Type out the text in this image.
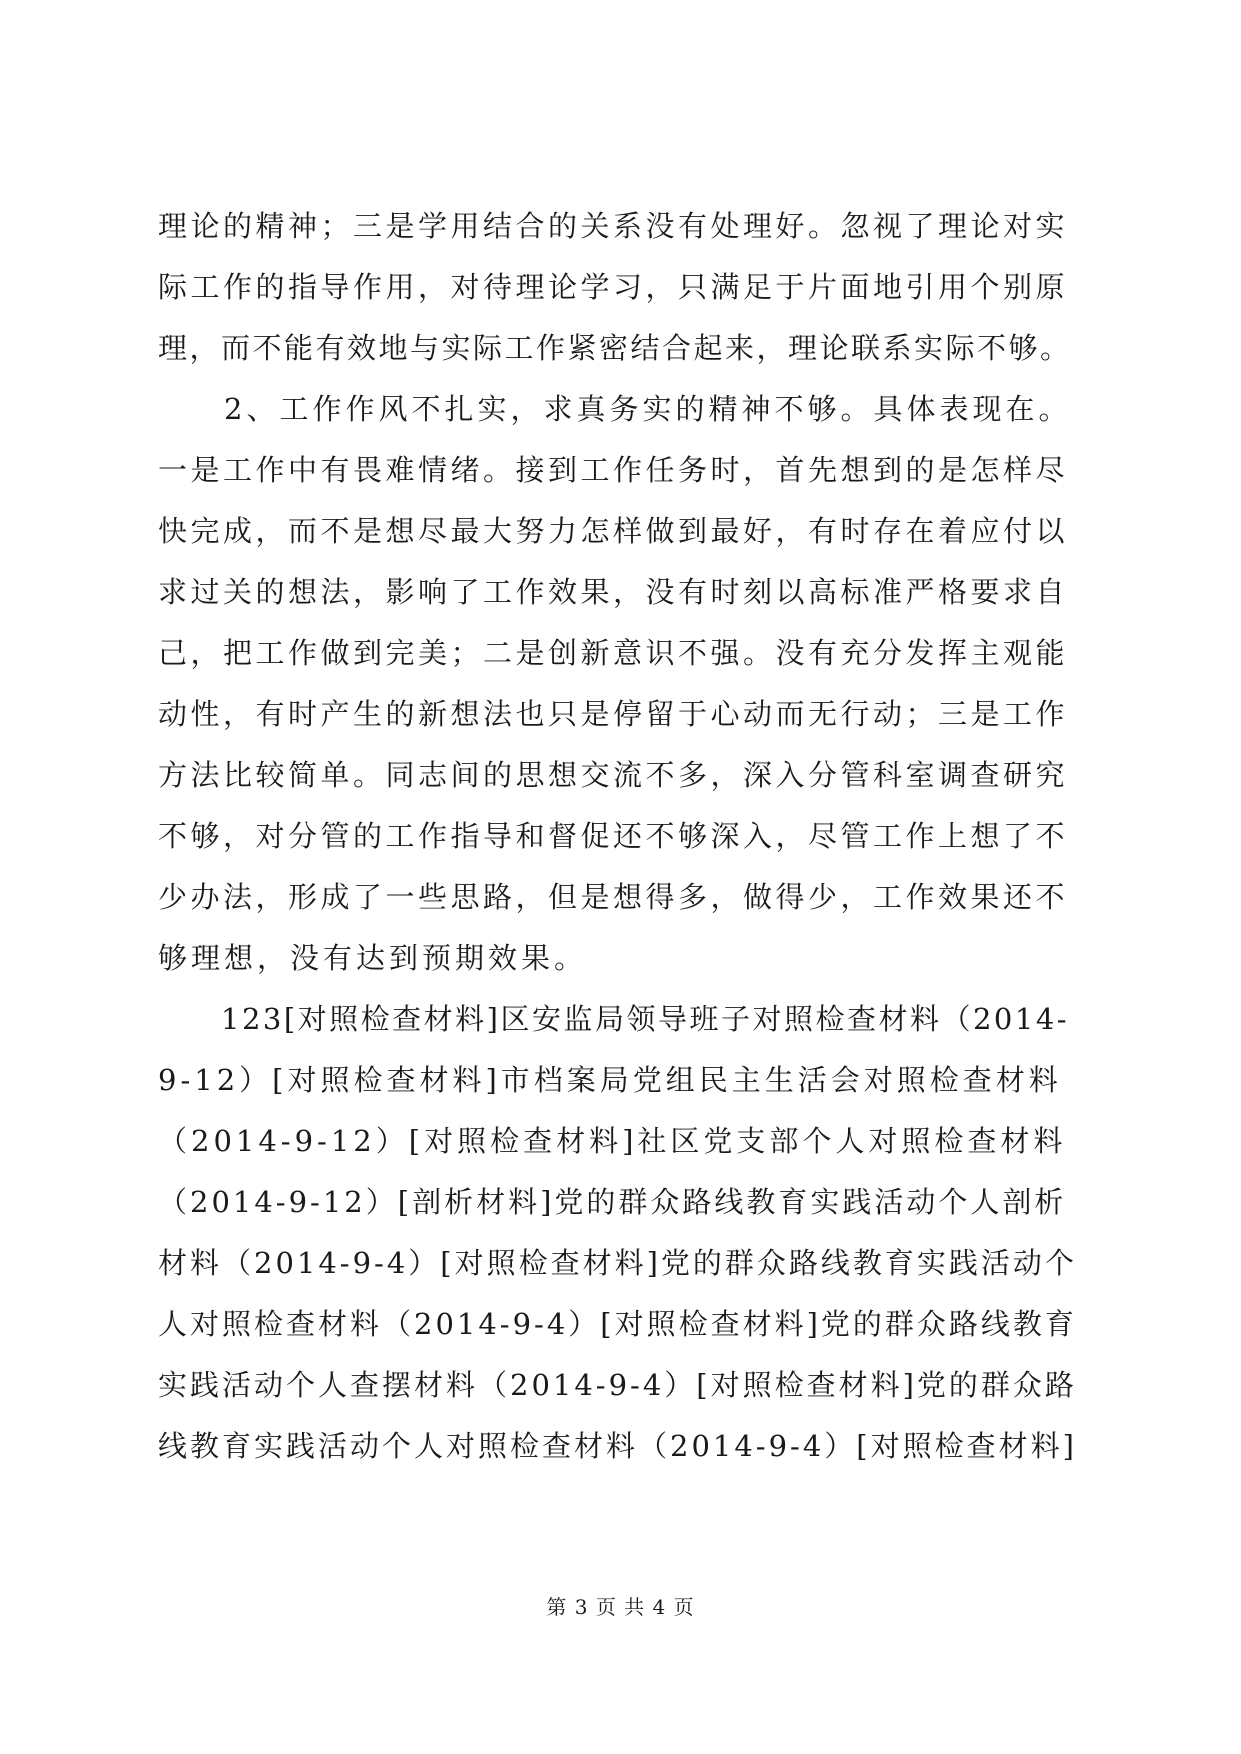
理论的精神；三是学用结合的关系没有处理好。忽视了理论对实
际工作的指导作用，对待理论学习，只满足于片面地引用个别原
理，而不能有效地与实际工作紧密结合起来，理论联系实际不够。
　　2、工作作风不扎实，求真务实的精神不够。具体表现在。
一是工作中有畏难情绪。接到工作任务时，首先想到的是怎样尽
快完成，而不是想尽最大努力怎样做到最好，有时存在着应付以
求过关的想法，影响了工作效果，没有时刻以高标准严格要求自
己，把工作做到完美；二是创新意识不强。没有充分发挥主观能
动性，有时产生的新想法也只是停留于心动而无行动；三是工作
方法比较简单。同志间的思想交流不多，深入分管科室调查研究
不够，对分管的工作指导和督促还不够深入，尽管工作上想了不
少办法，形成了一些思路，但是想得多，做得少，工作效果还不
够理想，没有达到预期效果。
　　123[对照检查材料]区安监局领导班子对照检查材料（2014-
9-12）[对照检查材料]市档案局党组民主生活会对照检查材料
（2014-9-12）[对照检查材料]社区党支部个人对照检查材料
（2014-9-12）[剖析材料]党的群众路线教育实践活动个人剖析
材料（2014-9-4）[对照检查材料]党的群众路线教育实践活动个
人对照检查材料（2014-9-4）[对照检查材料]党的群众路线教育
实践活动个人查摆材料（2014-9-4）[对照检查材料]党的群众路
线教育实践活动个人对照检查材料（2014-9-4）[对照检查材料]
第 3 页 共 4 页
